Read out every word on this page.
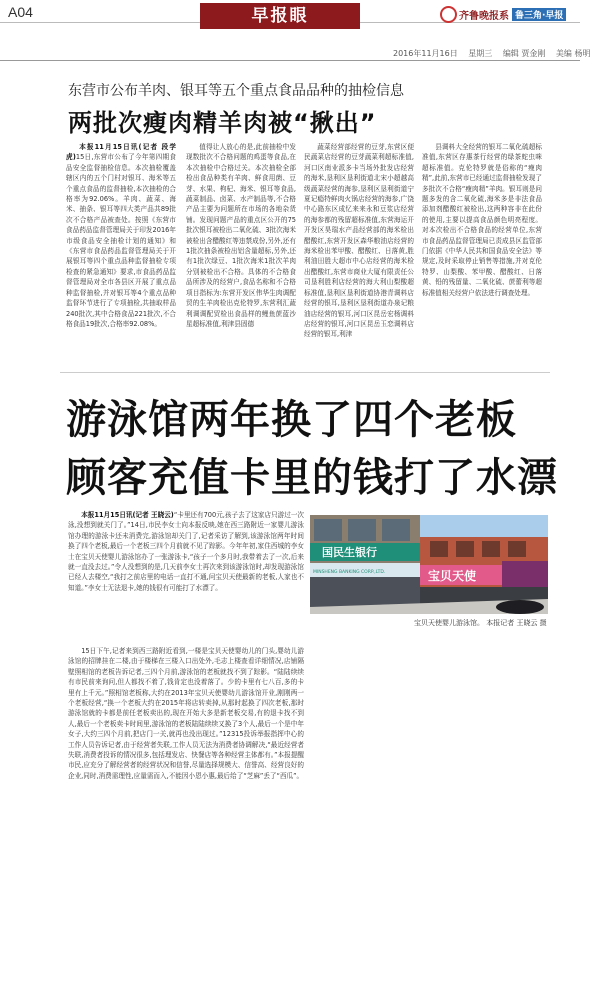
A04	早报眼	齐鲁晚报 系 鲁三角·早报
2016年11月16日 星期三 编辑 贾金刚 美编 杨明
东营市公布羊肉、银耳等五个重点食品品种的抽检信息
两批次瘦肉精羊肉被“揪出”

本报11月15日讯(记者 段学虎)15日,东营市公布了今年第四期食品安全监督抽检信息。本次抽检覆盖辖区内的五个门村对银耳、海米等五个重点食品的监督抽检,本次抽检的合格率为92.06%。羊肉、蔬菜、海米、抽条、银耳等四大类产品共89批次不合格产品被查处。按照《东营市食品药品监督管理局关于印发2016年市级食品安全抽检计划的通知》和《东营市食品药品监督管理局关于开展银耳等四个重点品种监督抽检专项检查的紧急通知》要求,市食品药品监督管理局对全市各县区开展了重点品种监督抽检,并对银耳等4个重点品种监督环节进行了专项抽检,共抽取样品240批次,其中合格食品221批次,不合格食品19批次,合格率92.08%。

值得让人放心的是,此前抽检中发现数批次不合格问题的鸡蛋等食品,在本次抽检中合格过关。本次抽检全部检出食品种类有羊肉、鲜食用菌、豆芽、水果、枸杞、海米、银耳等食品,蔬菜制品、卤菜、水产制品等,不合格产品主要为问题所在市场的各地杂货铺。发现问题产品的重点区公开的75批次银耳被检出二氧化硫、3批次海米被检出含醋酸红等违禁成份,另外,还有1批次抽条被检出铝含量超标,另外,还有1批次绿豆、1批次海米1批次羊肉分别被检出不合格。具体的不合格食品所涉及的经营户,食品名称和不合格项目指标为:东营开发区伟华生肉调配贸的生羊肉检出克伦特罗,东营利汇蔬利调调配贸检出食品样的鲤鱼蔗蓝沙星超标准值,利津县固德

蔬菜经营部经营的豆芽,东营区便民蔬菜店经营的豆芽蔬菜利超标准值,河口区南业派多卡当场外批发店经营的海米,垦利区垦利街道北宋小超越高级蔬菜经营的海参,垦利区垦利街道宁夏记瘾特鲜肉火锅店经营的海参,广饶中心路东区成忆来来永和豆浆店经营的海参都的残留超标准值,东营海运开开发区昊瑞水产品经营部的海米检出醋酸红,东营开发区森华粮油店经营的海米检出苯甲酸、醋酸红、日落黄,胜利油田胜大超市中心店经营的海米检出醋酸红,东营市商业大厦有限责任公司垦利胜利店经营的海大利山梨酸超标准值,垦利区垦利街道协港青调料店经营的银耳,垦利区垦利街道办泉记粮油店经营的银耳,河口区昆岳宏杨调料店经营的银耳,河口区昆岳玉恋调料店经营的银耳,利津

县调料大全经营的银耳二氧化硫超标准值,东营区存惠茶行经营的绿茶蛇虫咪超标准值。克伦特罗就是俗称的“瘦肉精”,此前,东营市已经通过监督抽检发现了多批次不合格“瘦肉精”羊肉。银耳则是问题多发的含二氧化硫,海米多是非法食品添加剂醋酸红被检出,这两种容非在此份的使用,主要以提高食品颜色明亮程度。对本次检出不合格食品的经营单位,东营市食品药品监督管理局已责成县区监管部门依据《中华人民共和国食品安全法》等规定,及时采取停止销售等措施,并对克伦特罗、山梨酸、苯甲酸、醋酸红、日落黄、铅的残留量、二氧化硫、蔗蕾利等超标准值相关经营户依法进行调查处理。

游泳馆两年换了四个老板
顾客充值卡里的钱打了水漂

本报11月15日讯(记者 王晓云)“卡里还有700元,孩子去了这家店只游过一次泳,没想到就关门了。”14日,市民李女士向本报反映,她在西三路附近一家婴儿游泳馆办理的游泳卡还未消费完,游泳馆却关门了,记者采访了解到,该游泳馆两年时间换了四个老板,最后一个老板三四个月前就不见了踪影。今年年初,家住西城的李女士在宝贝天使婴儿游泳馆办了一张游泳卡,“孩子一个多月时,我带着去了一次,后来就一直没去过。”令人没想到的是,几天前李女士再次来到该游泳馆时,却发现游泳馆已经人去楼空,“我打之前店里的电话一直打不通,问宝贝天使最新的老板,人家也不知道。”李女士无法退卡,她的钱很有可能打了水漂了。

15日下午,记者来到西三路附近看到,一楼是宝贝天使婴幼儿的门头,婴幼儿游泳馆的招牌挂在二楼,由于楼梯在三楼入口出处外,毛志上楼查看详细情况,店铺隔壁照相馆的老板告诉记者,三四个月前,游泳馆的老板就找不到了踪影。“陆陆续续有市民前来询问,但人都找不着了,钱肯定也没着落了。少的卡里有七八百,多的卡里有上千元。”照相馆老板称,大约在2013年宝贝天使婴幼儿游泳馆开业,刚刚两一个老板经营,“换一个老板大约在2015年将店转卖掉,从那时起换了四次老板,那时游泳馆就的卡都是前任老板卖出的,现在开始大多是新老板交易,有的退卡找不到人,最后一个老板卖卡时间里,游泳馆的老板陆陆续续又换了3个人,最后一个是中年女子,大约三四个月前,把店门一关,就再也没出现过。”12315投诉举报指挥中心的工作人员告诉记者,由于经营者失联,工作人员无法为消费者协调解决,“最近经营者失联,消费者投诉的情况很多,包括理发店、快餐店等各种经营主体都有。”本报提醒市民,应充分了解经营者的经营状况和信誉,尽量选择规模大、信誉高、经营良好的企业,同时,消费需理性,应量需而入,不能因小恩小惠,最后给了“芝麻”丢了“西瓜”。

国民生银行
MINSHENG BANKING CORP.,LTD.	宝贝天使
宝贝天使婴儿游泳馆。 本报记者 王晓云 摄
